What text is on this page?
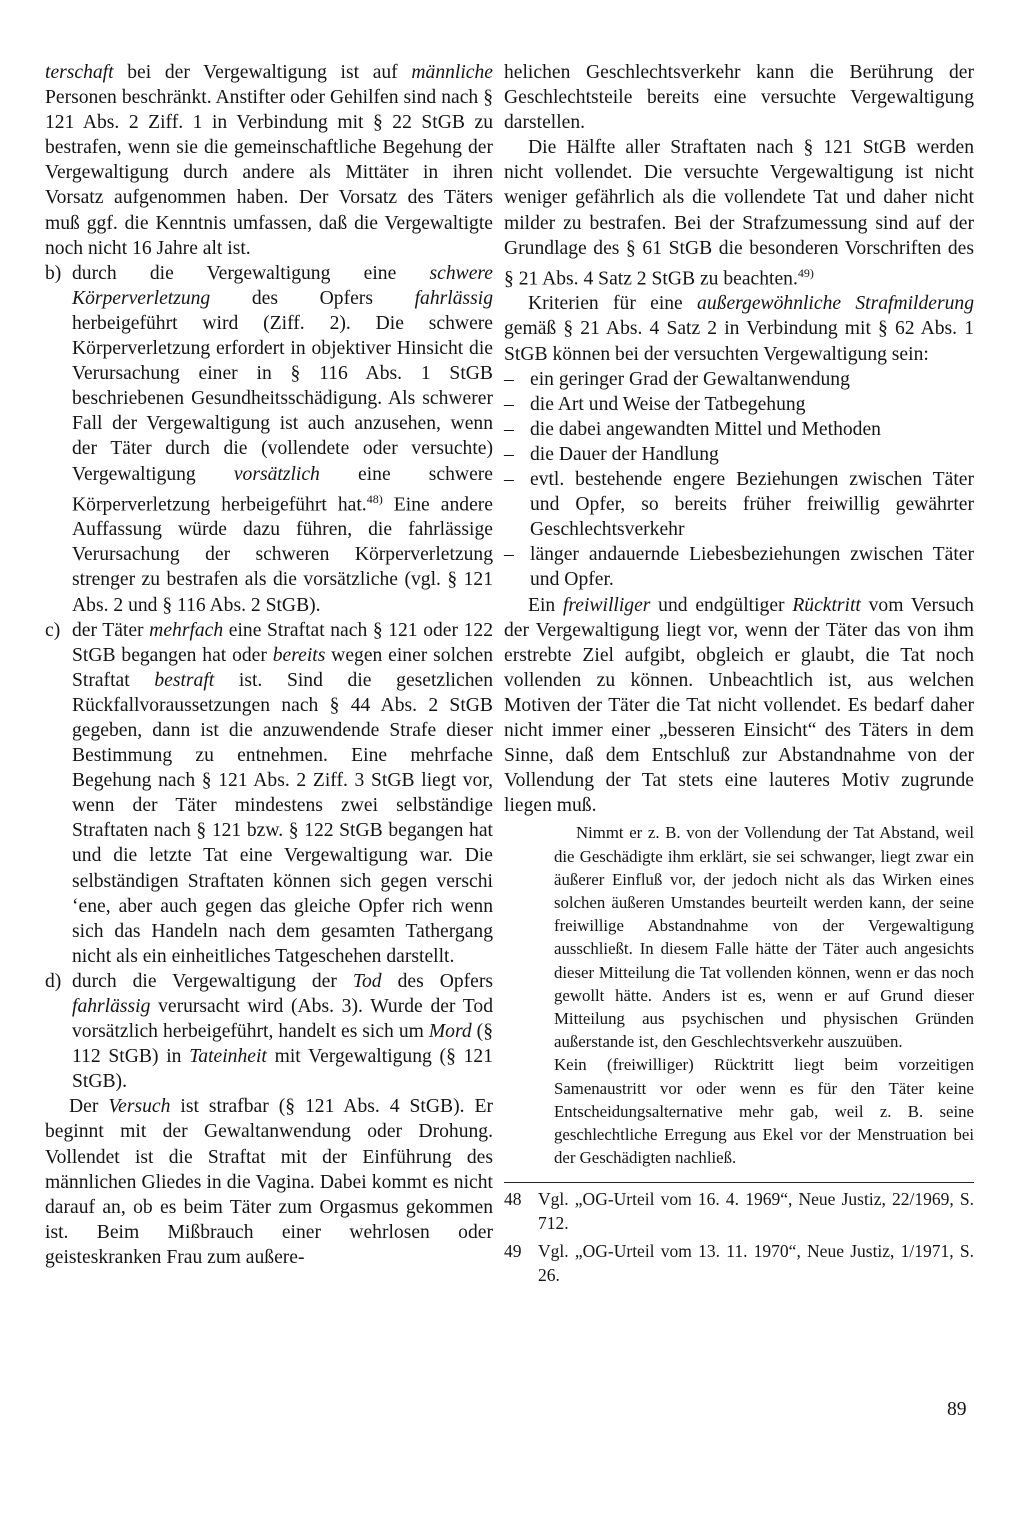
terschaft bei der Vergewaltigung ist auf männliche Personen beschränkt. Anstifter oder Gehilfen sind nach § 121 Abs. 2 Ziff. 1 in Verbindung mit § 22 StGB zu bestrafen, wenn sie die gemeinschaftliche Begehung der Vergewaltigung durch andere als Mittäter in ihren Vorsatz aufgenommen haben. Der Vorsatz des Täters muß ggf. die Kenntnis umfassen, daß die Vergewaltigte noch nicht 16 Jahre alt ist.

b) durch die Vergewaltigung eine schwere Körperverletzung des Opfers fahrlässig herbeigeführt wird (Ziff. 2). Die schwere Körperverletzung erfordert in objektiver Hinsicht die Verursachung einer in § 116 Abs. 1 StGB beschriebenen Gesundheitsschädigung. Als schwerer Fall der Vergewaltigung ist auch anzusehen, wenn der Täter durch die (vollendete oder versuchte) Vergewaltigung vorsätzlich eine schwere Körperverletzung herbeigeführt hat.$^{48)}$ Eine andere Auffassung würde dazu führen, die fahrlässige Verursachung der schweren Körperverletzung strenger zu bestrafen als die vorsätzliche (vgl. § 121 Abs. 2 und § 116 Abs. 2 StGB).

c) der Täter mehrfach eine Straftat nach § 121 oder 122 StGB begangen hat oder bereits wegen einer solchen Straftat bestraft ist. Sind die gesetzlichen Rückfallvoraussetzungen nach § 44 Abs. 2 StGB gegeben, dann ist die anzuwendende Strafe dieser Bestimmung zu entnehmen. Eine mehrfache Begehung nach § 121 Abs. 2 Ziff. 3 StGB liegt vor, wenn der Täter mindestens zwei selbständige Straftaten nach § 121 bzw. § 122 StGB begangen hat und die letzte Tat eine Vergewaltigung war. Die selbständigen Straftaten können sich gegen verschi ‘ene, aber auch gegen das gleiche Opfer rich wenn sich das Handeln nach dem gesamten Tathergang nicht als ein einheitliches Tatgeschehen darstellt.

d) durch die Vergewaltigung der Tod des Opfers fahrlässig verursacht wird (Abs. 3). Wurde der Tod vorsätzlich herbeigeführt, handelt es sich um Mord (§ 112 StGB) in Tateinheit mit Vergewaltigung (§ 121 StGB).

Der Versuch ist strafbar (§ 121 Abs. 4 StGB). Er beginnt mit der Gewaltanwendung oder Drohung. Vollendet ist die Straftat mit der Einführung des männlichen Gliedes in die Vagina. Dabei kommt es nicht darauf an, ob es beim Täter zum Orgasmus gekommen ist. Beim Mißbrauch einer wehrlosen oder geisteskranken Frau zum außere-

helichen Geschlechtsverkehr kann die Berührung der Geschlechtsteile bereits eine versuchte Vergewaltigung darstellen.

Die Hälfte aller Straftaten nach § 121 StGB werden nicht vollendet. Die versuchte Vergewaltigung ist nicht weniger gefährlich als die vollendete Tat und daher nicht milder zu bestrafen. Bei der Strafzumessung sind auf der Grundlage des § 61 StGB die besonderen Vorschriften des § 21 Abs. 4 Satz 2 StGB zu beachten.$^{49)}$

Kriterien für eine außergewöhnliche Strafmilderung gemäß § 21 Abs. 4 Satz 2 in Verbindung mit § 62 Abs. 1 StGB können bei der versuchten Vergewaltigung sein:

– ein geringer Grad der Gewaltanwendung
– die Art und Weise der Tatbegehung
– die dabei angewandten Mittel und Methoden
– die Dauer der Handlung
– evtl. bestehende engere Beziehungen zwischen Täter und Opfer, so bereits früher freiwillig gewährter Geschlechtsverkehr
– länger andauernde Liebesbeziehungen zwischen Täter und Opfer.

Ein freiwilliger und endgültiger Rücktritt vom Versuch der Vergewaltigung liegt vor, wenn der Täter das von ihm erstrebte Ziel aufgibt, obgleich er glaubt, die Tat noch vollenden zu können. Unbeachtlich ist, aus welchen Motiven der Täter die Tat nicht vollendet. Es bedarf daher nicht immer einer „besseren Einsicht“ des Täters in dem Sinne, daß dem Entschluß zur Abstandnahme von der Vollendung der Tat stets eine lauteres Motiv zugrunde liegen muß.

Nimmt er z. B. von der Vollendung der Tat Abstand, weil die Geschädigte ihm erklärt, sie sei schwanger, liegt zwar ein äußerer Einfluß vor, der jedoch nicht als das Wirken eines solchen äußeren Umstandes beurteilt werden kann, der seine freiwillige Abstandnahme von der Vergewaltigung ausschließt. In diesem Falle hätte der Täter auch angesichts dieser Mitteilung die Tat vollenden können, wenn er das noch gewollt hätte. Anders ist es, wenn er auf Grund dieser Mitteilung aus psychischen und physischen Gründen außerstande ist, den Geschlechtsverkehr auszuüben.

Kein (freiwilliger) Rücktritt liegt beim vorzeitigen Samenaustritt vor oder wenn es für den Täter keine Entscheidungsalternative mehr gab, weil z. B. seine geschlechtliche Erregung aus Ekel vor der Menstruation bei der Geschädigten nachließ.

48 Vgl. „OG-Urteil vom 16. 4. 1969“, Neue Justiz, 22/1969, S. 712.
49 Vgl. „OG-Urteil vom 13. 11. 1970“, Neue Justiz, 1/1971, S. 26.
89
